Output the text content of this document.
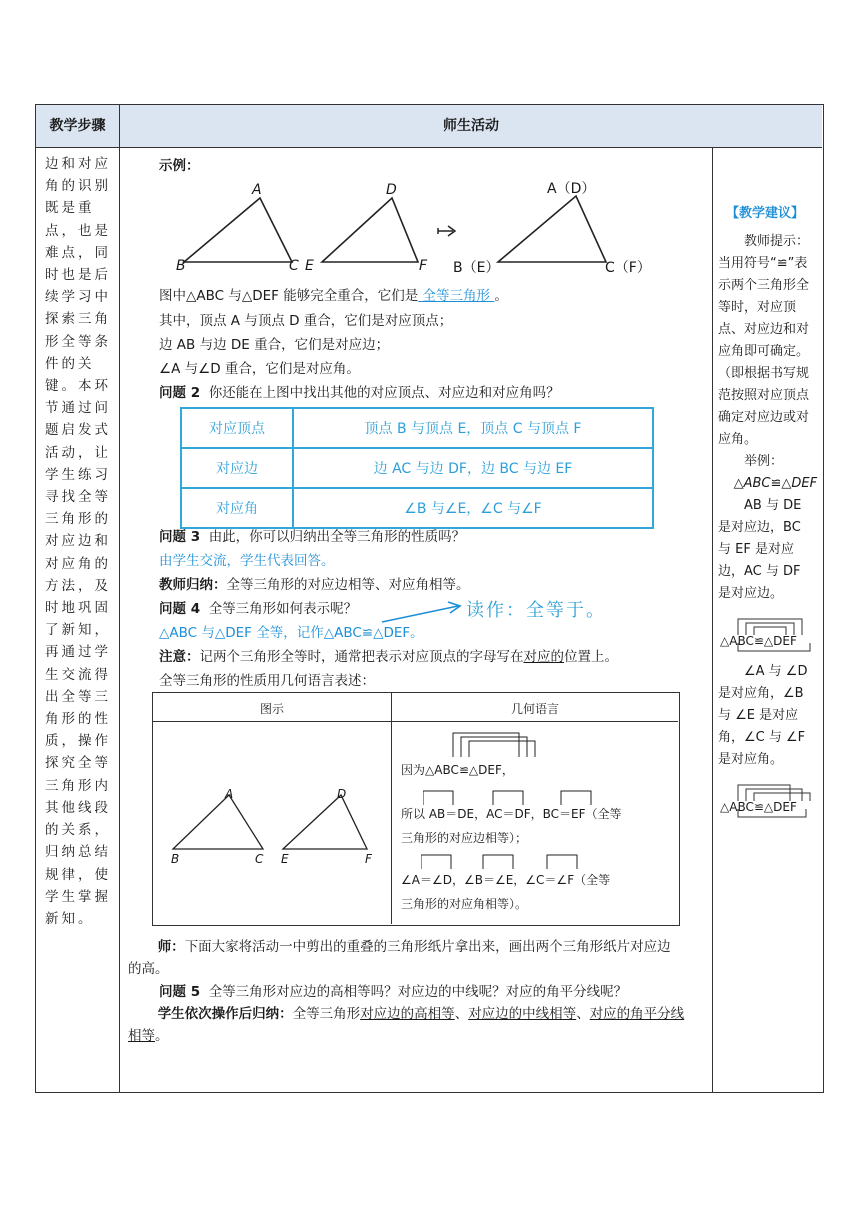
教学步骤	师生活动
边和对应
角的识别
既是重
点，也是
难点，同
时也是后
续学习中
探索三角
形全等条
件的关
键。本环
节通过问
题启发式
活动，让
学生练习
寻找全等
三角形的
对应边和
对应角的
方法，及
时地巩固
了新知，
再通过学
生交流得
出全等三
角形的性
质，操作
探究全等
三角形内
其他线段
的关系，
归纳总结
规律，使
学生掌握
新知。
【教学建议】

教师提示：当用符号“≌”表示两个三角形全等时，对应顶点、对应边和对应角即可确定。（即根据书写规范按照对应顶点确定对应边或对应角。

举例：

△ABC≌△DEF

AB 与 DE 是对应边，BC 与 EF 是对应边，AC 与 DF 是对应边。

△ABC≌△DEF

∠A 与 ∠D 是对应角，∠B 与 ∠E 是对应角，∠C 与 ∠F 是对应角。

△ABC≌△DEF
示例：
A
B	C
D
E	F
A（D）
B（E）	C（F）
图中△ABC 与△DEF 能够完全重合，它们是 全等三角形 。
其中，顶点 A 与顶点 D 重合，它们是对应顶点；
边 AB 与边 DE 重合，它们是对应边；
∠A 与∠D 重合，它们是对应角。
问题 2 你还能在上图中找出其他的对应顶点、对应边和对应角吗？
对应顶点	顶点 B 与顶点 E，顶点 C 与顶点 F
对应边	边 AC 与边 DF，边 BC 与边 EF
对应角	∠B 与∠E，∠C 与∠F
问题 3 由此，你可以归纳出全等三角形的性质吗？
由学生交流，学生代表回答。
教师归纳：全等三角形的对应边相等、对应角相等。
问题 4 全等三角形如何表示呢？	读作：全等于。
△ABC 与△DEF 全等，记作△ABC≌△DEF。
注意：记两个三角形全等时，通常把表示对应顶点的字母写在对应的位置上。
全等三角形的性质用几何语言表述：
图示	几何语言
A
B	C
D
E	F
因为△ABC≌△DEF，
所以 AB＝DE，AC＝DF，BC＝EF（全等
三角形的对应边相等）；
∠A＝∠D，∠B＝∠E，∠C＝∠F（全等
三角形的对应角相等）。
师：下面大家将活动一中剪出的重叠的三角形纸片拿出来，画出两个三角形纸片对应边的高。
问题 5 全等三角形对应边的高相等吗？对应边的中线呢？对应的角平分线呢？
学生依次操作后归纳：全等三角形对应边的高相等、对应边的中线相等、对应的角平分线相等。
